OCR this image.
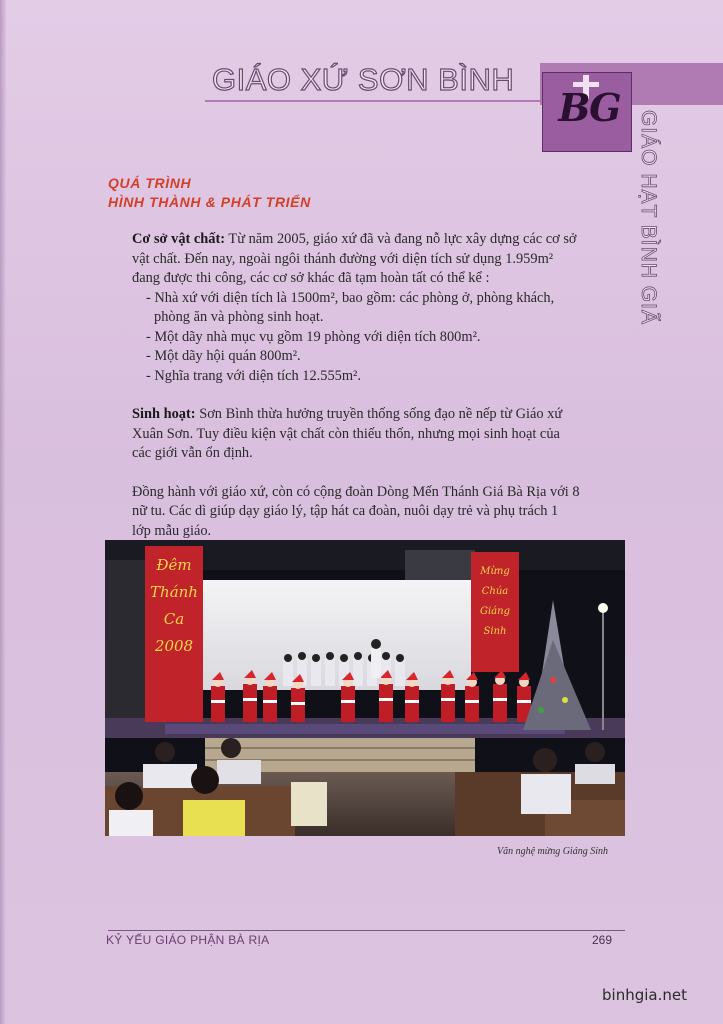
GIÁO XỨ SƠN BÌNH
BG
GIÁO HẠT BÌNH GIÃ
QUÁ TRÌNH
HÌNH THÀNH & PHÁT TRIỂN

Cơ sở vật chất: Từ năm 2005, giáo xứ đã và đang nỗ lực xây dựng các cơ sở vật chất. Đến nay, ngoài ngôi thánh đường với diện tích sử dụng 1.959m² đang được thi công, các cơ sở khác đã tạm hoàn tất có thể kể :

- Nhà xứ với diện tích là 1500m², bao gồm: các phòng ở, phòng khách, phòng ăn và phòng sinh hoạt.
- Một dãy nhà mục vụ gồm 19 phòng với diện tích 800m².
- Một dãy hội quán 800m².
- Nghĩa trang với diện tích 12.555m².

Sinh hoạt: Sơn Bình thừa hưởng truyền thống sống đạo nề nếp từ Giáo xứ Xuân Sơn. Tuy điều kiện vật chất còn thiếu thốn, nhưng mọi sinh hoạt của các giới vẫn ổn định.

Đồng hành với giáo xứ, còn có cộng đoàn Dòng Mến Thánh Giá Bà Rịa với 8 nữ tu. Các dì giúp dạy giáo lý, tập hát ca đoàn, nuôi dạy trẻ và phụ trách 1 lớp mẫu giáo.

Đêm
Thánh
Ca
2008
Mừng
Chúa
Giáng
Sinh
Văn nghệ mừng Giáng Sinh
KỶ YẾU GIÁO PHẬN BÀ RỊA	269
binhgia.net
